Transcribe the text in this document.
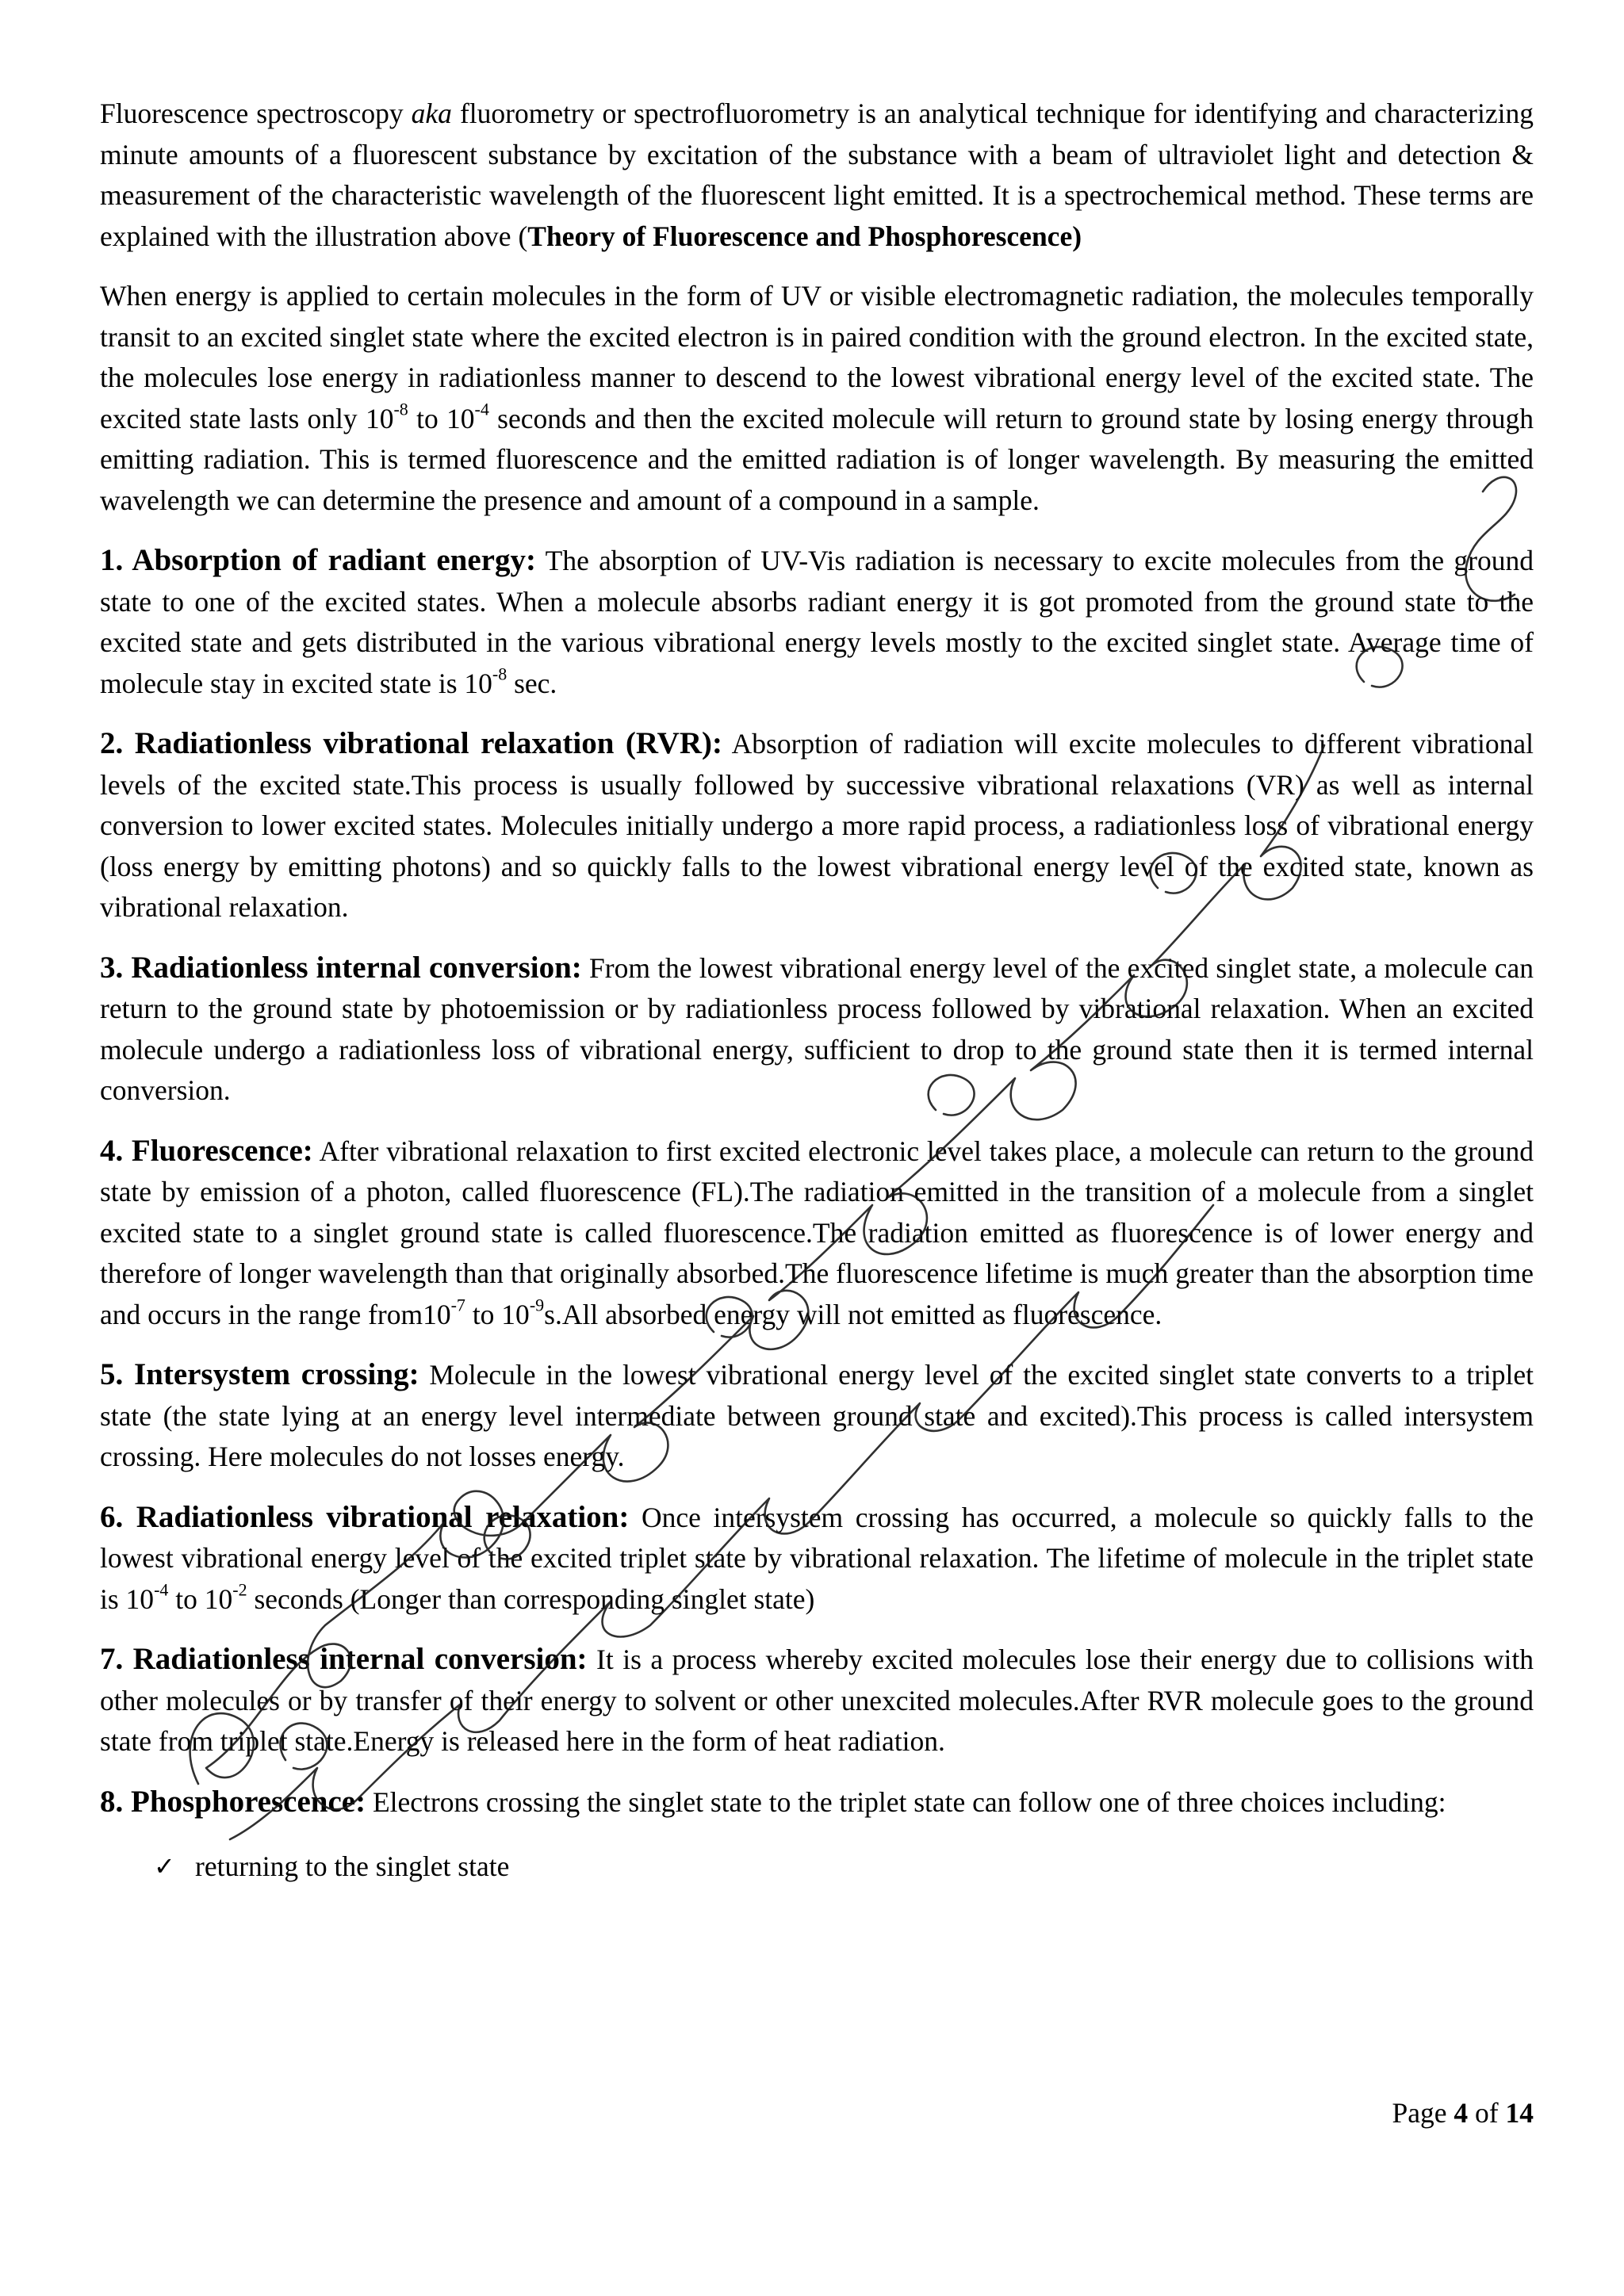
Fluorescence spectroscopy aka fluorometry or spectrofluorometry is an analytical technique for identifying and characterizing minute amounts of a fluorescent substance by excitation of the substance with a beam of ultraviolet light and detection & measurement of the characteristic wavelength of the fluorescent light emitted. It is a spectrochemical method. These terms are explained with the illustration above (Theory of Fluorescence and Phosphorescence)

When energy is applied to certain molecules in the form of UV or visible electromagnetic radiation, the molecules temporally transit to an excited singlet state where the excited electron is in paired condition with the ground electron. In the excited state, the molecules lose energy in radiationless manner to descend to the lowest vibrational energy level of the excited state. The excited state lasts only $10^{-8}$ to $10^{-4}$ seconds and then the excited molecule will return to ground state by losing energy through emitting radiation. This is termed fluorescence and the emitted radiation is of longer wavelength. By measuring the emitted wavelength we can determine the presence and amount of a compound in a sample.

1. Absorption of radiant energy: The absorption of UV-Vis radiation is necessary to excite molecules from the ground state to one of the excited states. When a molecule absorbs radiant energy it is got promoted from the ground state to the excited state and gets distributed in the various vibrational energy levels mostly to the excited singlet state. Average time of molecule stay in excited state is $10^{-8}$ sec.

2. Radiationless vibrational relaxation (RVR): Absorption of radiation will excite molecules to different vibrational levels of the excited state.This process is usually followed by successive vibrational relaxations (VR) as well as internal conversion to lower excited states. Molecules initially undergo a more rapid process, a radiationless loss of vibrational energy (loss energy by emitting photons) and so quickly falls to the lowest vibrational energy level of the excited state, known as vibrational relaxation.

3. Radiationless internal conversion: From the lowest vibrational energy level of the excited singlet state, a molecule can return to the ground state by photoemission or by radiationless process followed by vibrational relaxation. When an excited molecule undergo a radiationless loss of vibrational energy, sufficient to drop to the ground state then it is termed internal conversion.

4. Fluorescence: After vibrational relaxation to first excited electronic level takes place, a molecule can return to the ground state by emission of a photon, called fluorescence (FL).The radiation emitted in the transition of a molecule from a singlet excited state to a singlet ground state is called fluorescence.The radiation emitted as fluorescence is of lower energy and therefore of longer wavelength than that originally absorbed.The fluorescence lifetime is much greater than the absorption time and occurs in the range $from10^{-7}$ to $10^{-9}s.All$ absorbed energy will not emitted as fluorescence.

5. Intersystem crossing: Molecule in the lowest vibrational energy level of the excited singlet state converts to a triplet state (the state lying at an energy level intermediate between ground state and excited).This process is called intersystem crossing. Here molecules do not losses energy.

6. Radiationless vibrational relaxation: Once intersystem crossing has occurred, a molecule so quickly falls to the lowest vibrational energy level of the excited triplet state by vibrational relaxation. The lifetime of molecule in the triplet state is $10^{-4}$ to $10^{-2}$ seconds (Longer than corresponding singlet state)

7. Radiationless internal conversion: It is a process whereby excited molecules lose their energy due to collisions with other molecules or by transfer of their energy to solvent or other unexcited molecules.After RVR molecule goes to the ground state from triplet state.Energy is released here in the form of heat radiation.

8. Phosphorescence: Electrons crossing the singlet state to the triplet state can follow one of three choices including:

✓ returning to the singlet state
Page 4 of 14
